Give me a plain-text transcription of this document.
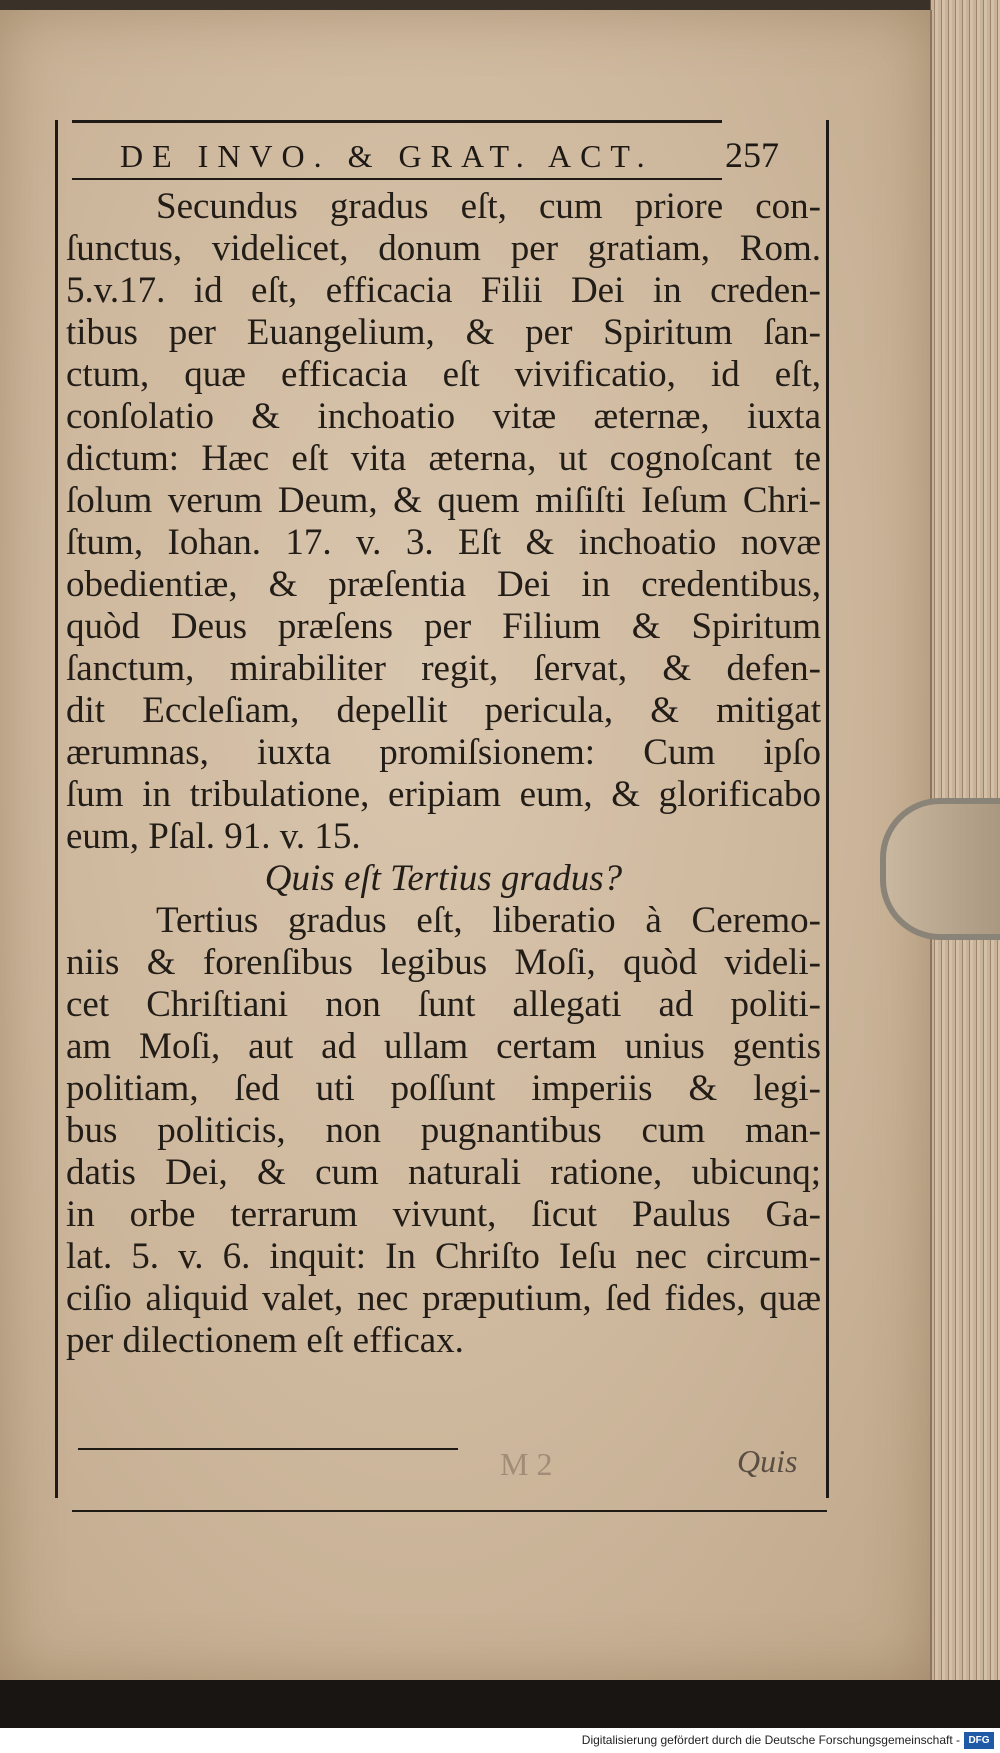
DE INVO. & GRAT. ACT.	257
Secundus gradus eſt, cum priore con-
ſunctus, videlicet, donum per gratiam, Rom.
5.v.17. id eſt, efficacia Filii Dei in creden-
tibus per Euangelium, & per Spiritum ſan-
ctum, quæ efficacia eſt vivificatio, id eſt,
conſolatio & inchoatio vitæ æternæ, iuxta
dictum: Hæc eſt vita æterna, ut cognoſcant te
ſolum verum Deum, & quem miſiſti Ieſum Chri-
ſtum, Iohan. 17. v. 3. Eſt & inchoatio novæ
obedientiæ, & præſentia Dei in credentibus,
quòd Deus præſens per Filium & Spiritum
ſanctum, mirabiliter regit, ſervat, & defen-
dit Eccleſiam, depellit pericula, & mitigat
ærumnas, iuxta promiſsionem: Cum ipſo
ſum in tribulatione, eripiam eum, & glorificabo
eum, Pſal. 91. v. 15.
Quis eſt Tertius gradus?
Tertius gradus eſt, liberatio à Ceremo-
niis & forenſibus legibus Moſi, quòd videli-
cet Chriſtiani non ſunt allegati ad politi-
am Moſi, aut ad ullam certam unius gentis
politiam, ſed uti poſſunt imperiis & legi-
bus politicis, non pugnantibus cum man-
datis Dei, & cum naturali ratione, ubicunq;
in orbe terrarum vivunt, ſicut Paulus Ga-
lat. 5. v. 6. inquit: In Chriſto Ieſu nec circum-
ciſio aliquid valet, nec præputium, ſed fides, quæ
per dilectionem eſt efficax.
M 2	Quis
Digitalisierung gefördert durch die Deutsche Forschungsgemeinschaft - DFG
